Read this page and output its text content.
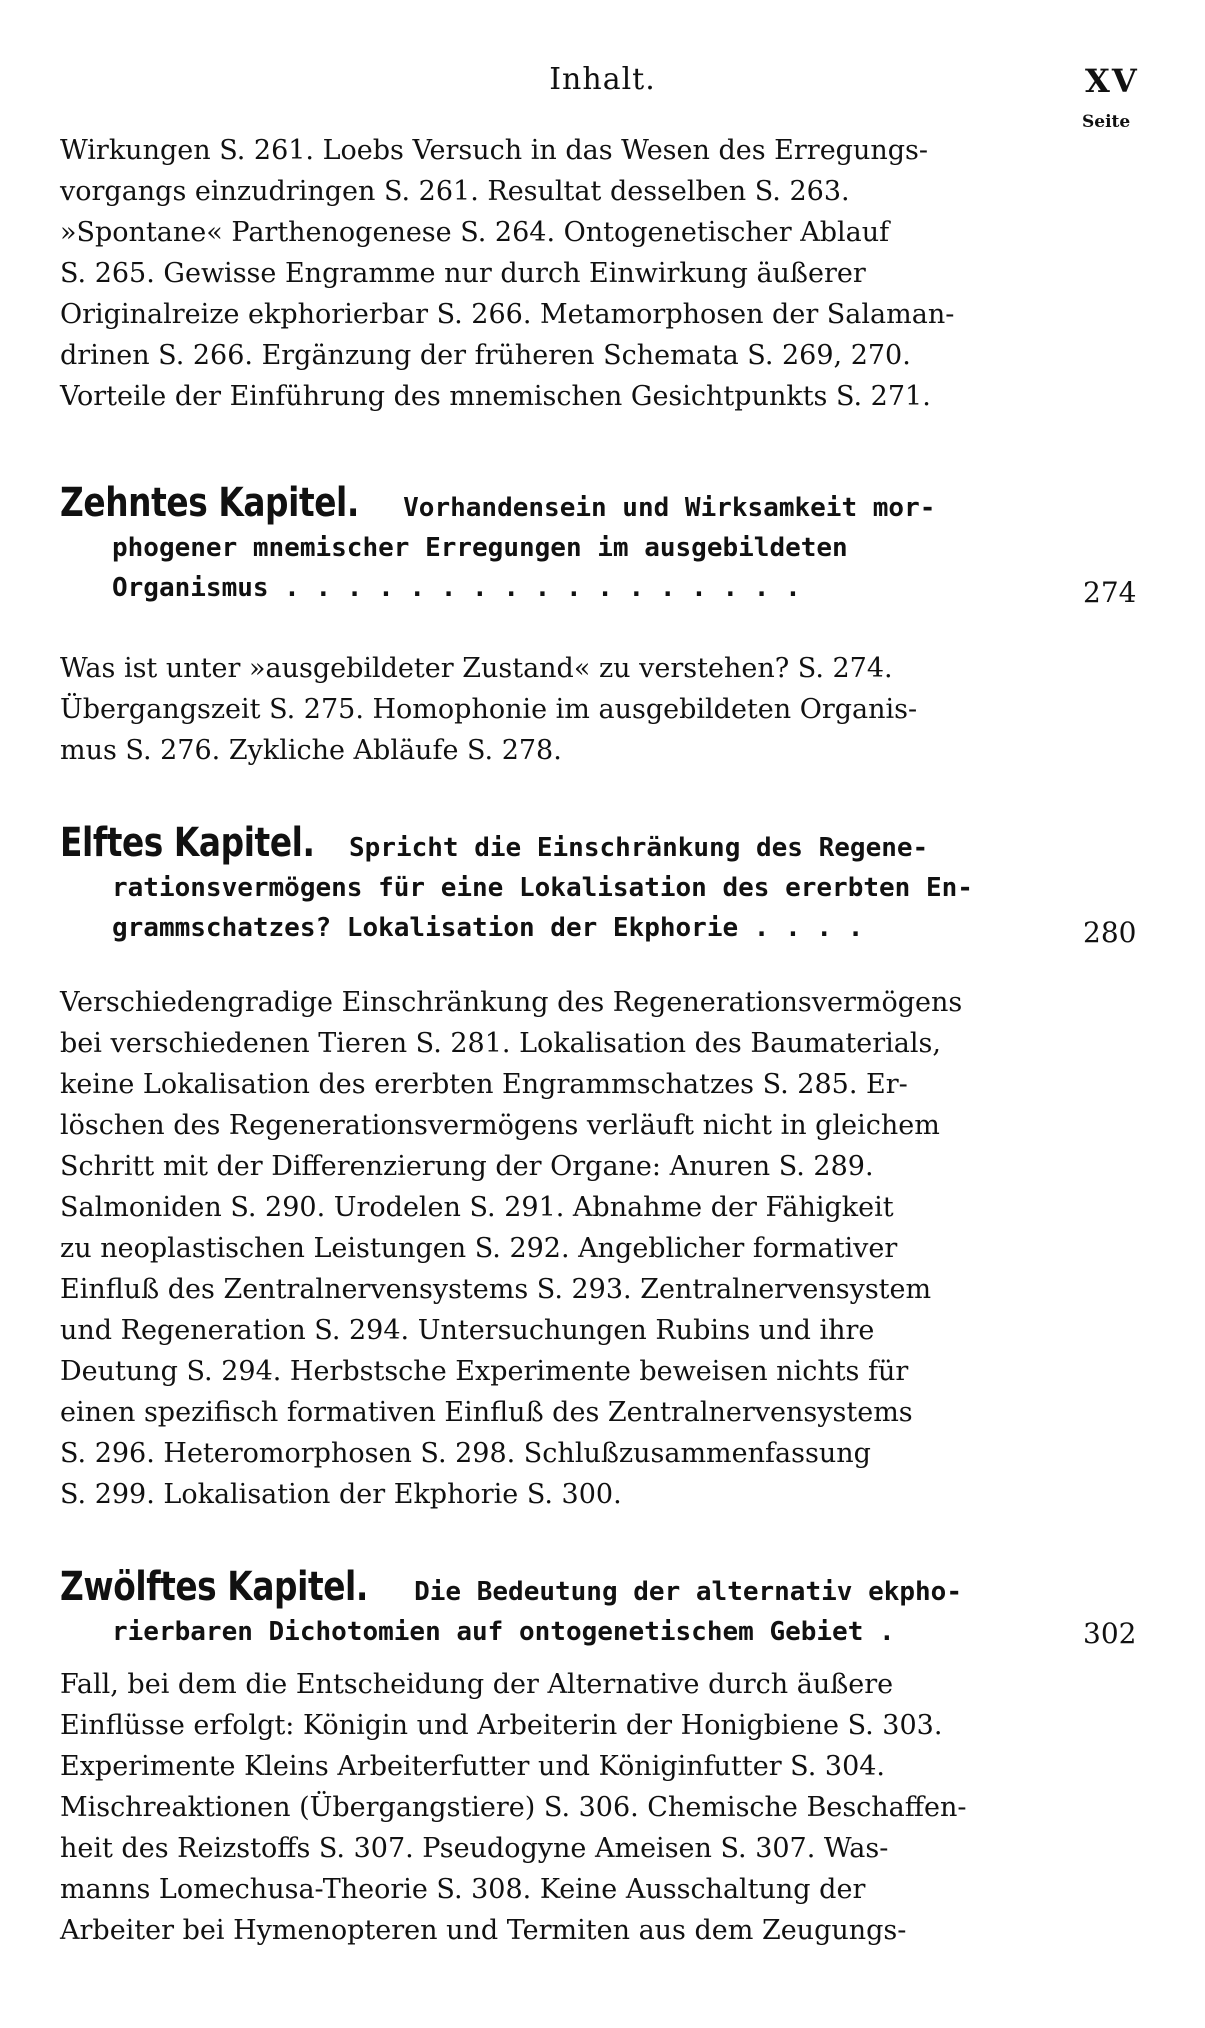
Inhalt.	XV
Seite
Wirkungen S. 261. Loebs Versuch in das Wesen des Erregungs-
vorgangs einzudringen S. 261. Resultat desselben S. 263.
»Spontane« Parthenogenese S. 264. Ontogenetischer Ablauf
S. 265. Gewisse Engramme nur durch Einwirkung äußerer
Originalreize ekphorierbar S. 266. Metamorphosen der Salaman-
drinen S. 266. Ergänzung der früheren Schemata S. 269, 270.
Vorteile der Einführung des mnemischen Gesichtpunkts S. 271.
Zehntes Kapitel. Vorhandensein und Wirksamkeit mor-
phogener mnemischer Erregungen im ausgebildeten
Organismus . . . . . . . . . . . . . . . . .	274
Was ist unter »ausgebildeter Zustand« zu verstehen? S. 274.
Übergangszeit S. 275. Homophonie im ausgebildeten Organis-
mus S. 276. Zykliche Abläufe S. 278.
Elftes Kapitel. Spricht die Einschränkung des Regene-
rationsvermögens für eine Lokalisation des ererbten En-
grammschatzes? Lokalisation der Ekphorie . . . .	280
Verschiedengradige Einschränkung des Regenerationsvermögens
bei verschiedenen Tieren S. 281. Lokalisation des Baumaterials,
keine Lokalisation des ererbten Engrammschatzes S. 285. Er-
löschen des Regenerationsvermögens verläuft nicht in gleichem
Schritt mit der Differenzierung der Organe: Anuren S. 289.
Salmoniden S. 290. Urodelen S. 291. Abnahme der Fähigkeit
zu neoplastischen Leistungen S. 292. Angeblicher formativer
Einfluß des Zentralnervensystems S. 293. Zentralnervensystem
und Regeneration S. 294. Untersuchungen Rubins und ihre
Deutung S. 294. Herbstsche Experimente beweisen nichts für
einen spezifisch formativen Einfluß des Zentralnervensystems
S. 296. Heteromorphosen S. 298. Schlußzusammenfassung
S. 299. Lokalisation der Ekphorie S. 300.
Zwölftes Kapitel. Die Bedeutung der alternativ ekpho-
rierbaren Dichotomien auf ontogenetischem Gebiet .	302
Fall, bei dem die Entscheidung der Alternative durch äußere
Einflüsse erfolgt: Königin und Arbeiterin der Honigbiene S. 303.
Experimente Kleins Arbeiterfutter und Königinfutter S. 304.
Mischreaktionen (Übergangstiere) S. 306. Chemische Beschaffen-
heit des Reizstoffs S. 307. Pseudogyne Ameisen S. 307. Was-
manns Lomechusa-Theorie S. 308. Keine Ausschaltung der
Arbeiter bei Hymenopteren und Termiten aus dem Zeugungs-
